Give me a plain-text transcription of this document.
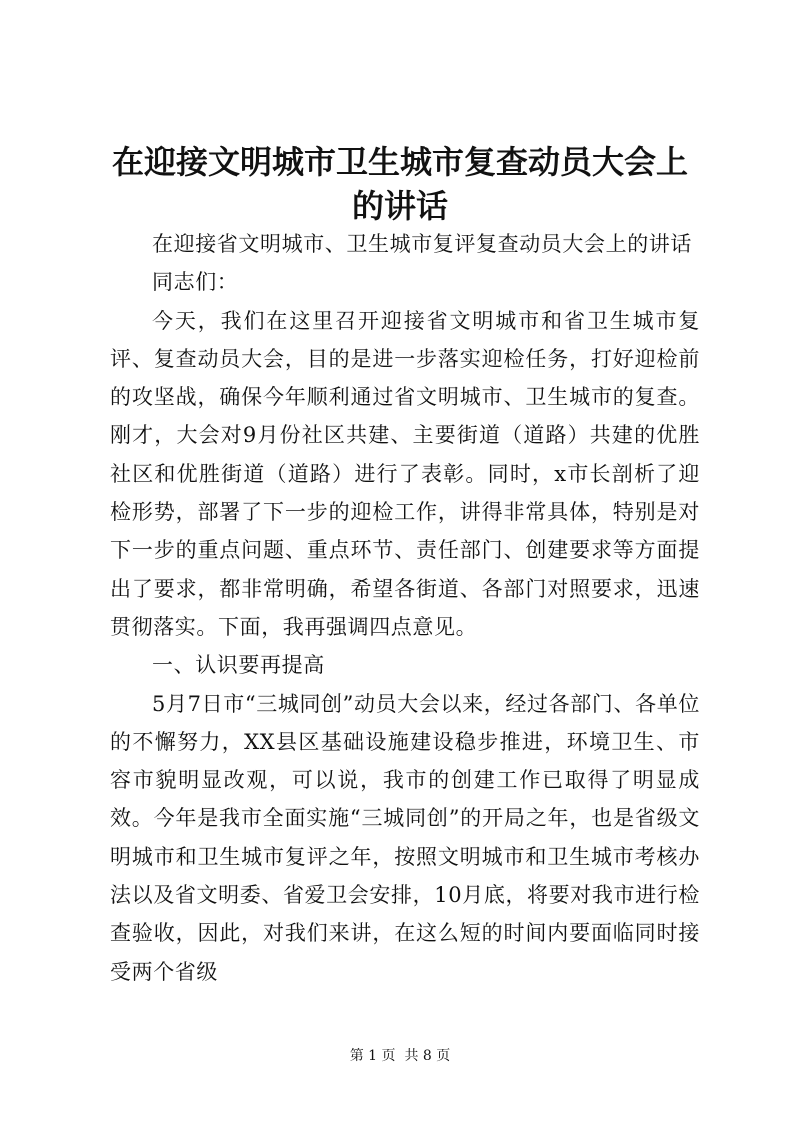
在迎接文明城市卫生城市复查动员大会上的讲话

在迎接省文明城市、卫生城市复评复查动员大会上的讲话

同志们：

今天，我们在这里召开迎接省文明城市和省卫生城市复评、复查动员大会，目的是进一步落实迎检任务，打好迎检前的攻坚战，确保今年顺利通过省文明城市、卫生城市的复查。刚才，大会对9月份社区共建、主要街道（道路）共建的优胜社区和优胜街道（道路）进行了表彰。同时，x市长剖析了迎检形势，部署了下一步的迎检工作，讲得非常具体，特别是对下一步的重点问题、重点环节、责任部门、创建要求等方面提出了要求，都非常明确，希望各街道、各部门对照要求，迅速贯彻落实。下面，我再强调四点意见。

一、认识要再提高

5月7日市“三城同创”动员大会以来，经过各部门、各单位的不懈努力，XX县区基础设施建设稳步推进，环境卫生、市容市貌明显改观，可以说，我市的创建工作已取得了明显成效。今年是我市全面实施“三城同创”的开局之年，也是省级文明城市和卫生城市复评之年，按照文明城市和卫生城市考核办法以及省文明委、省爱卫会安排，10月底，将要对我市进行检查验收，因此，对我们来讲，在这么短的时间内要面临同时接受两个省级

第 1 页  共 8 页
